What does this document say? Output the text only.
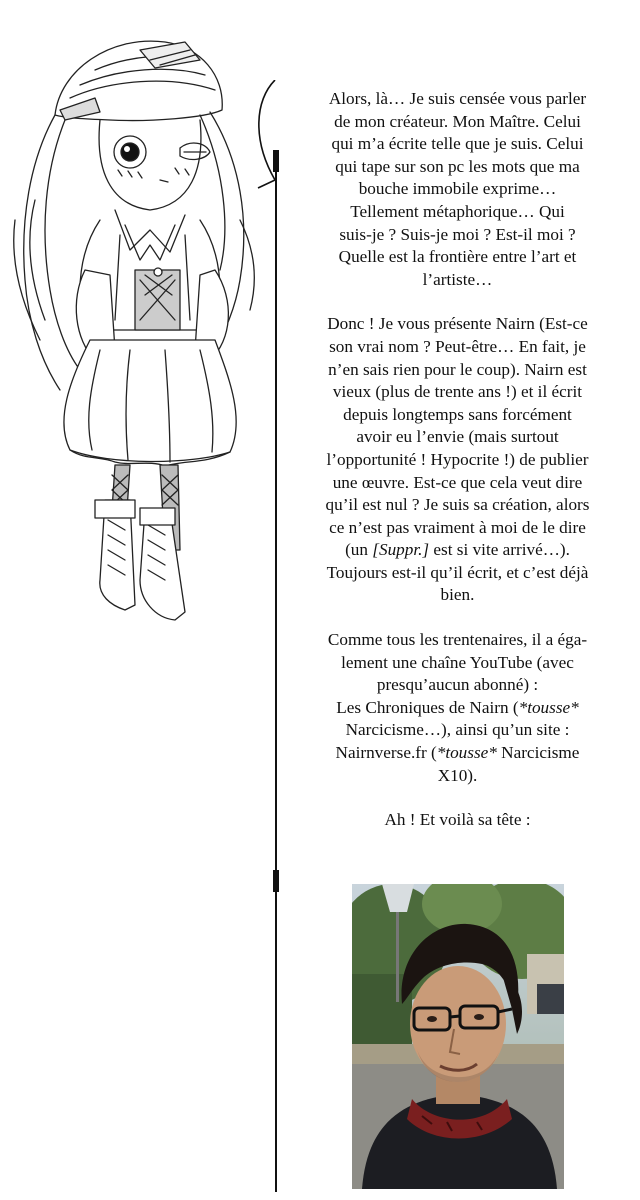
Alors, là… Je suis censée vous parler
de mon créateur. Mon Maître. Celui
qui m’a écrite telle que je suis. Celui
qui tape sur son pc les mots que ma
bouche immobile exprime…
Tellement métaphorique… Qui
suis-je ? Suis-je moi ? Est-il moi ?
Quelle est la frontière entre l’art et
l’artiste…

Donc ! Je vous présente Nairn (Est-ce
son vrai nom ? Peut-être… En fait, je
n’en sais rien pour le coup). Nairn est
vieux (plus de trente ans !) et il écrit
depuis longtemps sans forcément
avoir eu l’envie (mais surtout
l’opportunité ! Hypocrite !) de publier
une œuvre. Est-ce que cela veut dire
qu’il est nul ? Je suis sa création, alors
ce n’est pas vraiment à moi de le dire
(un [Suppr.] est si vite arrivé…).
Toujours est-il qu’il écrit, et c’est déjà
bien.

Comme tous les trentenaires, il a éga-
lement une chaîne YouTube (avec
presqu’aucun abonné) :
Les Chroniques de Nairn (*tousse*
Narcicisme…), ainsi qu’un site :
Nairnverse.fr (*tousse* Narcicisme
X10).

Ah ! Et voilà sa tête :
